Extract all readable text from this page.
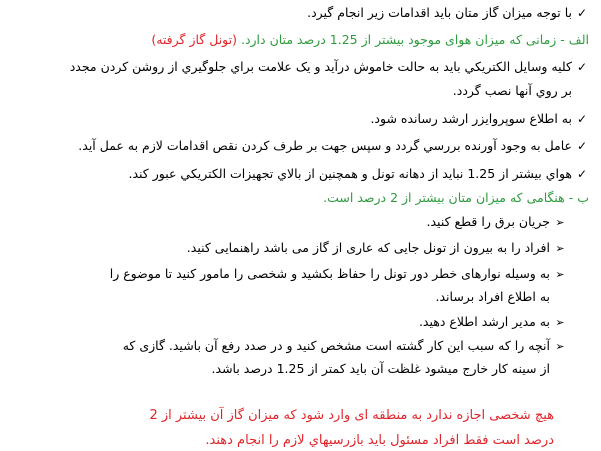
✓با توجه میزان گاز متان باید اقدامات زیر انجام گیرد.
الف - زمانی که میزان هوای موجود بیشتر از 1.25 درصد متان دارد. (تونل گاز گرفته)
✓كليه وسايل الكتريكي بايد به حالت خاموش درآيد و يک علامت براي جلوگيري از روشن كردن مجدد
بر روي آنها نصب گردد.
✓به اطلاع سوپروايزر ارشد رسانده شود.
✓عامل به وجود آورنده بررسي گردد و سپس جهت بر طرف كردن نقص اقدامات لازم به عمل آيد.
✓هواي بيشتر از 1.25 نبايد از دهانه تونل و همچنين از بالاي تجهيزات الكتريكي عبور كند.
ب - هنگامی که میزان متان بیشتر از 2 درصد است.
➢جریان برق را قطع کنید.
➢افراد را به بیرون از تونل جایی که عاری از گاز می باشد راهنمایی کنید.
➢به وسیله نوارهای خطر دور تونل را حفاظ بکشید و شخصی را مامور کنید تا موضوع را
به اطلاع افراد برساند.
➢به مدیر ارشد اطلاع دهید.
➢آنچه را که سبب این کار گشته است مشخص کنید و در صدد رفع آن باشید. گازی که
از سینه کار خارج میشود غلظت آن باید کمتر از 1.25 درصد باشد.
هیچ شخصی اجازه ندارد به منطقه ای وارد شود که میزان گاز آن بیشتر از 2
درصد است فقط افراد مسئول باید بازرسیهاي لازم را انجام دهند.
